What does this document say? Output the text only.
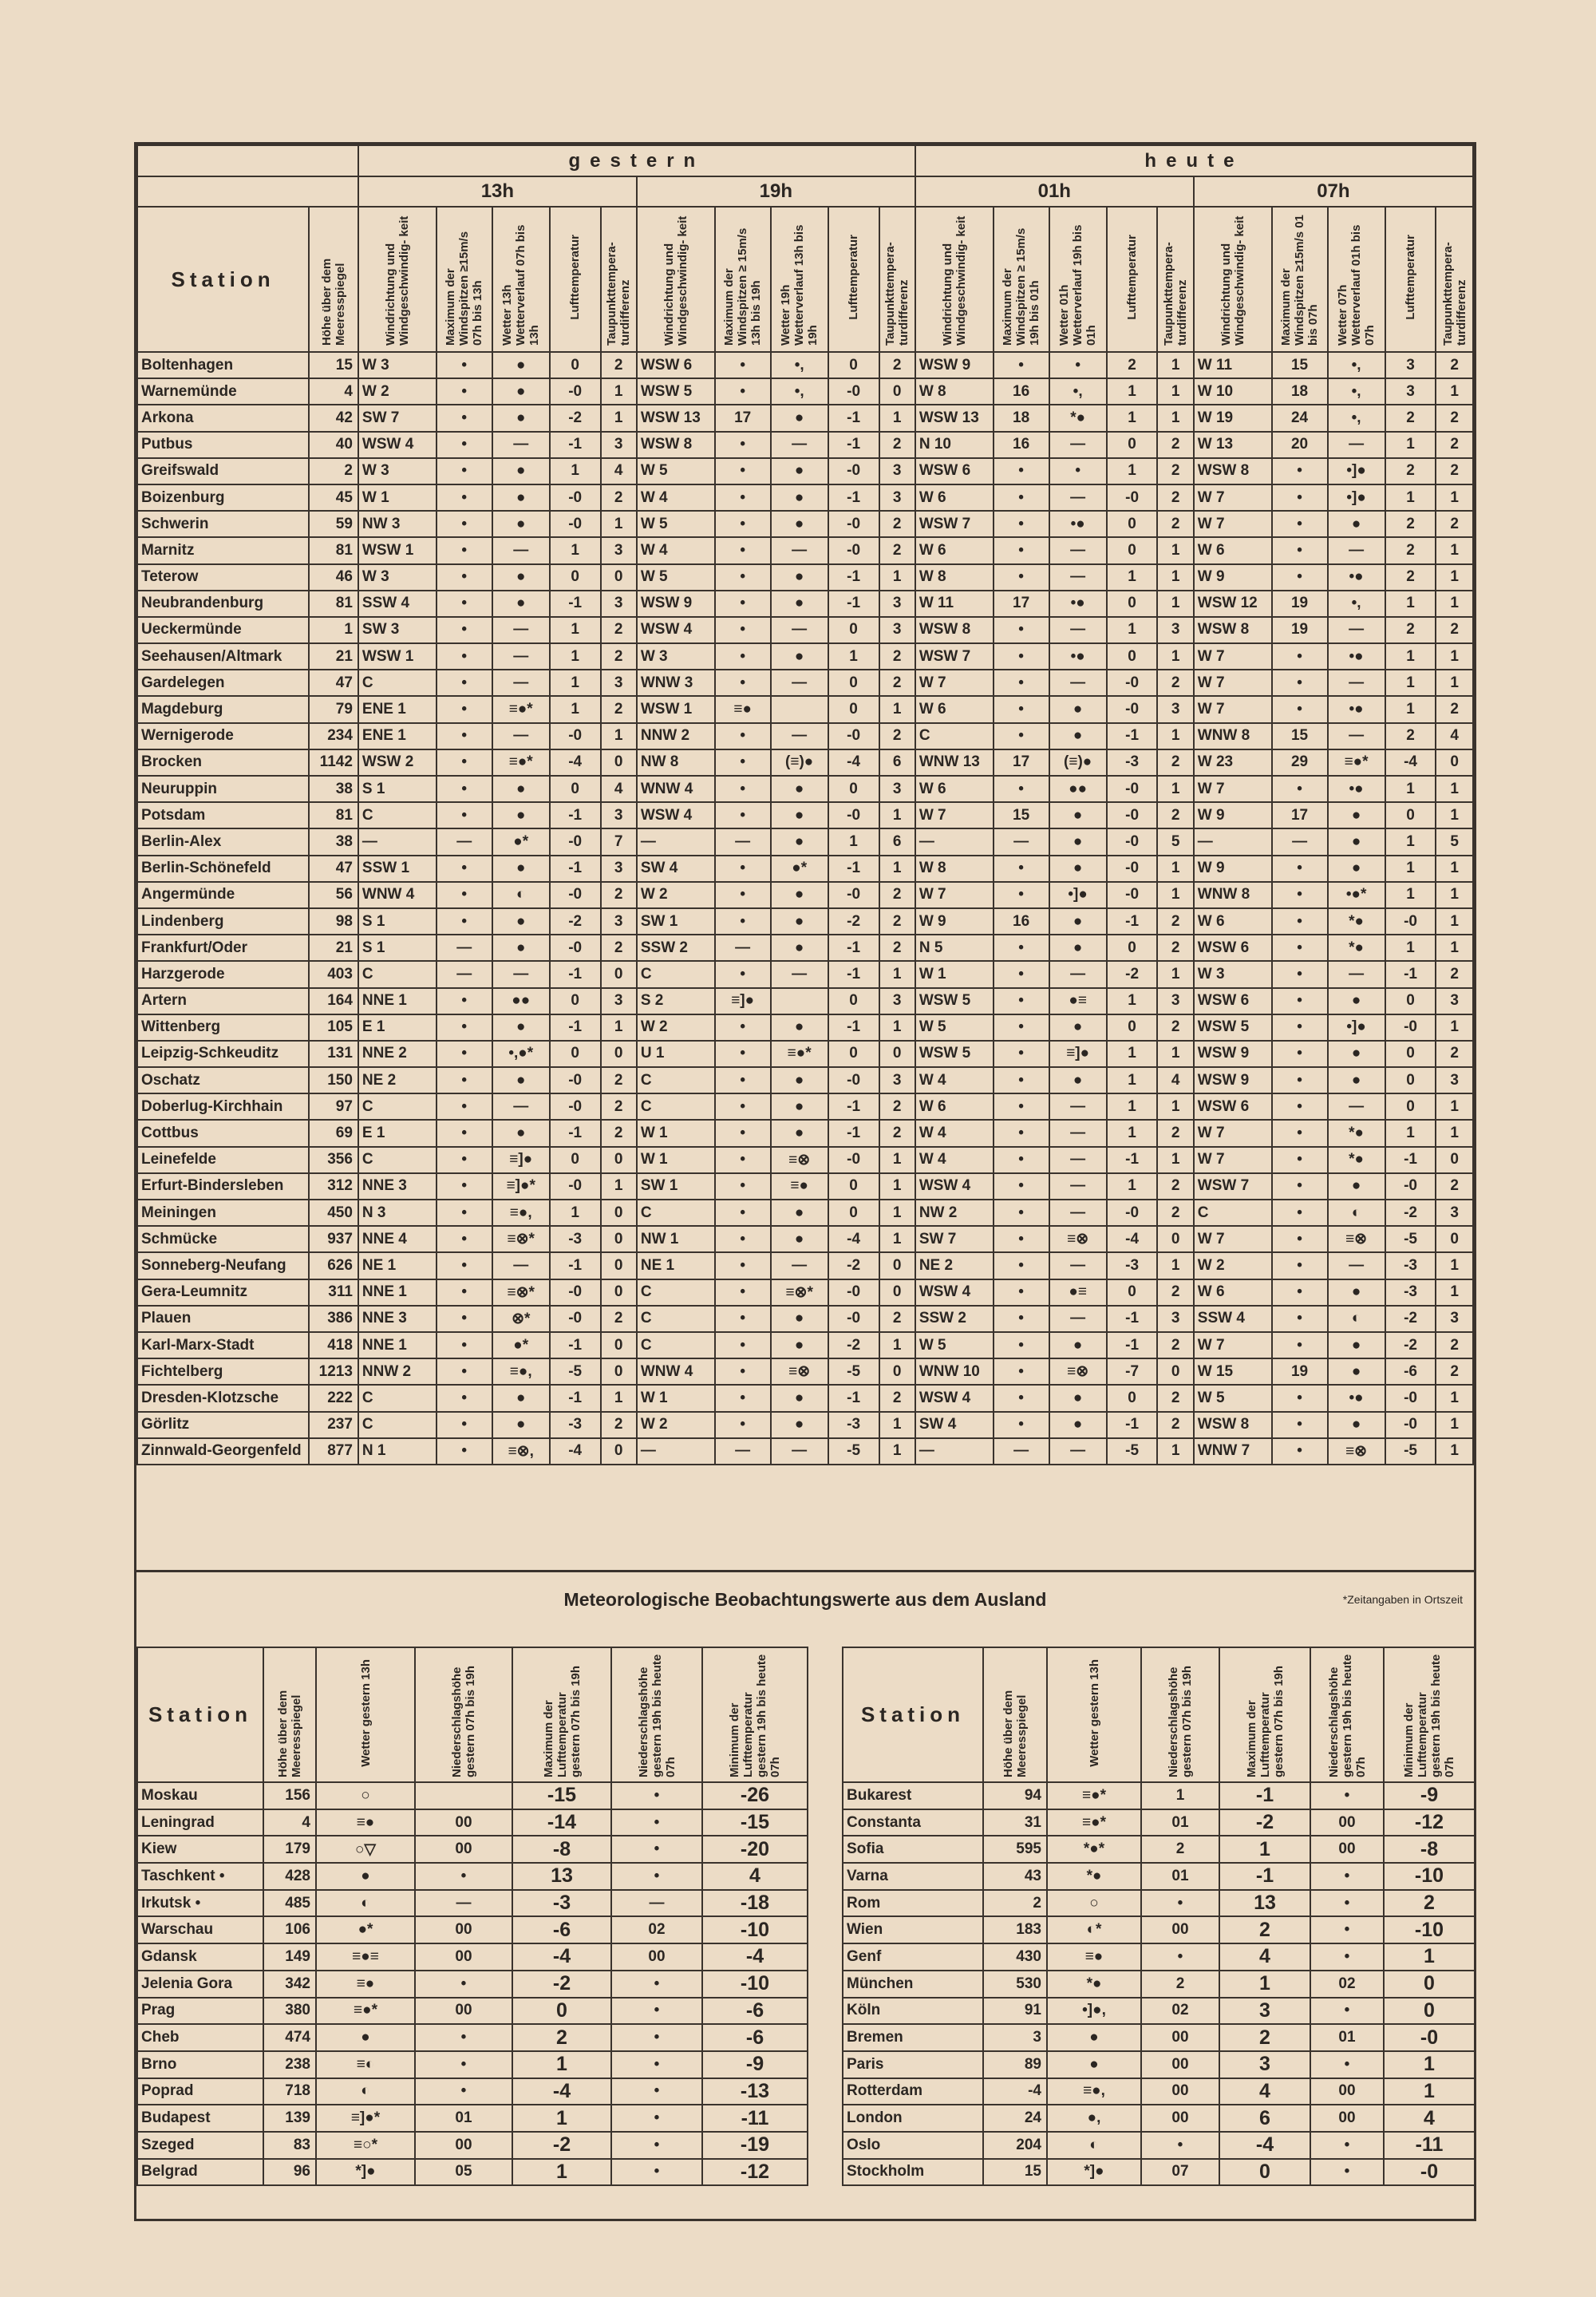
		gestern										heute									
		13h					19h					01h					07h				
Station	Höhe über dem Meeresspiegel	Windrichtung und Windgeschwindig- keit	Maximum der Windspitzen ≥15m/s 07h bis 13h	Wetter 13h Wetterverlauf 07h bis 13h	Lufttemperatur	Taupunkttempera- turdifferenz	Windrichtung und Windgeschwindig- keit	Maximum der Windspitzen ≥ 15m/s 13h bis 19h	Wetter 19h Wetterverlauf 13h bis 19h	Lufttemperatur	Taupunkttempera- turdifferenz	Windrichtung und Windgeschwindig- keit	Maximum der Windspitzen ≥ 15m/s 19h bis 01h	Wetter 01h Wetterverlauf 19h bis 01h	Lufttemperatur	Taupunkttempera- turdifferenz	Windrichtung und Windgeschwindig- keit	Maximum der Windspitzen ≥15m/s 01 bis 07h	Wetter 07h Wetterverlauf 01h bis 07h	Lufttemperatur	Taupunkttempera- turdifferenz
Boltenhagen	15	W 3	•	●	0	2	WSW 6	•	•,	0	2	WSW 9	•	•	2	1	W 11	15	•,	3	2
Warnemünde	4	W 2	•	●	-0	1	WSW 5	•	•,	-0	0	W 8	16	•,	1	1	W 10	18	•,	3	1
Arkona	42	SW 7	•	●	-2	1	WSW 13	17	●	-1	1	WSW 13	18	*●	1	1	W 19	24	•,	2	2
Putbus	40	WSW 4	•	—	-1	3	WSW 8	•	—	-1	2	N 10	16	—	0	2	W 13	20	—	1	2
Greifswald	2	W 3	•	●	1	4	W 5	•	●	-0	3	WSW 6	•	•	1	2	WSW 8	•	•]●	2	2
Boizenburg	45	W 1	•	●	-0	2	W 4	•	●	-1	3	W 6	•	—	-0	2	W 7	•	•]●	1	1
Schwerin	59	NW 3	•	●	-0	1	W 5	•	●	-0	2	WSW 7	•	•●	0	2	W 7	•	●	2	2
Marnitz	81	WSW 1	•	—	1	3	W 4	•	—	-0	2	W 6	•	—	0	1	W 6	•	—	2	1
Teterow	46	W 3	•	●	0	0	W 5	•	●	-1	1	W 8	•	—	1	1	W 9	•	•●	2	1
Neubrandenburg	81	SSW 4	•	●	-1	3	WSW 9	•	●	-1	3	W 11	17	•●	0	1	WSW 12	19	•,	1	1
Ueckermünde	1	SW 3	•	—	1	2	WSW 4	•	—	0	3	WSW 8	•	—	1	3	WSW 8	19	—	2	2
Seehausen/Altmark	21	WSW 1	•	—	1	2	W 3	•	●	1	2	WSW 7	•	•●	0	1	W 7	•	•●	1	1
Gardelegen	47	C	•	—	1	3	WNW 3	•	—	0	2	W 7	•	—	-0	2	W 7	•	—	1	1
Magdeburg	79	ENE 1	•	≡●*	1	2	WSW 1	≡●		0	1	W 6	•	●	-0	3	W 7	•	•●	1	2
Wernigerode	234	ENE 1	•	—	-0	1	NNW 2	•	—	-0	2	C	•	●	-1	1	WNW 8	15	—	2	4
Brocken	1142	WSW 2	•	≡●*	-4	0	NW 8	•	(≡)●	-4	6	WNW 13	17	(≡)●	-3	2	W 23	29	≡●*	-4	0
Neuruppin	38	S 1	•	●	0	4	WNW 4	•	●	0	3	W 6	•	●●	-0	1	W 7	•	•●	1	1
Potsdam	81	C	•	●	-1	3	WSW 4	•	●	-0	1	W 7	15	●	-0	2	W 9	17	●	0	1
Berlin-Alex	38	—	—	●*	-0	7	—	—	●	1	6	—	—	●	-0	5	—	—	●	1	5
Berlin-Schönefeld	47	SSW 1	•	●	-1	3	SW 4	•	●*	-1	1	W 8	•	●	-0	1	W 9	•	●	1	1
Angermünde	56	WNW 4	•	◐	-0	2	W 2	•	●	-0	2	W 7	•	•]●	-0	1	WNW 8	•	•●*	1	1
Lindenberg	98	S 1	•	●	-2	3	SW 1	•	●	-2	2	W 9	16	●	-1	2	W 6	•	*●	-0	1
Frankfurt/Oder	21	S 1	—	●	-0	2	SSW 2	—	●	-1	2	N 5	•	●	0	2	WSW 6	•	*●	1	1
Harzgerode	403	C	—	—	-1	0	C	•	—	-1	1	W 1	•	—	-2	1	W 3	•	—	-1	2
Artern	164	NNE 1	•	●●	0	3	S 2	≡]●		0	3	WSW 5	•	●≡	1	3	WSW 6	•	●	0	3
Wittenberg	105	E 1	•	●	-1	1	W 2	•	●	-1	1	W 5	•	●	0	2	WSW 5	•	•]●	-0	1
Leipzig-Schkeuditz	131	NNE 2	•	•,●*	0	0	U 1	•	≡●*	0	0	WSW 5	•	≡]●	1	1	WSW 9	•	●	0	2
Oschatz	150	NE 2	•	●	-0	2	C	•	●	-0	3	W 4	•	●	1	4	WSW 9	•	●	0	3
Doberlug-Kirchhain	97	C	•	—	-0	2	C	•	●	-1	2	W 6	•	—	1	1	WSW 6	•	—	0	1
Cottbus	69	E 1	•	●	-1	2	W 1	•	●	-1	2	W 4	•	—	1	2	W 7	•	*●	1	1
Leinefelde	356	C	•	≡]●	0	0	W 1	•	≡⊗	-0	1	W 4	•	—	-1	1	W 7	•	*●	-1	0
Erfurt-Bindersleben	312	NNE 3	•	≡]●*	-0	1	SW 1	•	≡●	0	1	WSW 4	•	—	1	2	WSW 7	•	●	-0	2
Meiningen	450	N 3	•	≡●,	1	0	C	•	●	0	1	NW 2	•	—	-0	2	C	•	◐	-2	3
Schmücke	937	NNE 4	•	≡⊗*	-3	0	NW 1	•	●	-4	1	SW 7	•	≡⊗	-4	0	W 7	•	≡⊗	-5	0
Sonneberg-Neufang	626	NE 1	•	—	-1	0	NE 1	•	—	-2	0	NE 2	•	—	-3	1	W 2	•	—	-3	1
Gera-Leumnitz	311	NNE 1	•	≡⊗*	-0	0	C	•	≡⊗*	-0	0	WSW 4	•	●≡	0	2	W 6	•	●	-3	1
Plauen	386	NNE 3	•	⊗*	-0	2	C	•	●	-0	2	SSW 2	•	—	-1	3	SSW 4	•	◐	-2	3
Karl-Marx-Stadt	418	NNE 1	•	●*	-1	0	C	•	●	-2	1	W 5	•	●	-1	2	W 7	•	●	-2	2
Fichtelberg	1213	NNW 2	•	≡●,	-5	0	WNW 4	•	≡⊗	-5	0	WNW 10	•	≡⊗	-7	0	W 15	19	●	-6	2
Dresden-Klotzsche	222	C	•	●	-1	1	W 1	•	●	-1	2	WSW 4	•	●	0	2	W 5	•	•●	-0	1
Görlitz	237	C	•	●	-3	2	W 2	•	●	-3	1	SW 4	•	●	-1	2	WSW 8	•	●	-0	1
Zinnwald-Georgenfeld	877	N 1	•	≡⊗,	-4	0	—	—	—	-5	1	—	—	—	-5	1	WNW 7	•	≡⊗	-5	1
Meteorologische Beobachtungswerte aus dem Ausland	*Zeitangaben in Ortszeit
Station	Höhe über dem Meeresspiegel	Wetter gestern 13h	Niederschlagshöhe gestern 07h bis 19h	Maximum der Lufttemperatur gestern 07h bis 19h	Niederschlagshöhe gestern 19h bis heute 07h	Minimum der Lufttemperatur gestern 19h bis heute 07h
Moskau	156	○		-15	•	-26
Leningrad	4	≡●	00	-14	•	-15
Kiew	179	○▽	00	-8	•	-20
Taschkent •	428	●	•	13	•	4
Irkutsk •	485	◐	—	-3	—	-18
Warschau	106	●*	00	-6	02	-10
Gdansk	149	≡●≡	00	-4	00	-4
Jelenia Gora	342	≡●	•	-2	•	-10
Prag	380	≡●*	00	0	•	-6
Cheb	474	●	•	2	•	-6
Brno	238	≡◐	•	1	•	-9
Poprad	718	◐	•	-4	•	-13
Budapest	139	≡]●*	01	1	•	-11
Szeged	83	≡○*	00	-2	•	-19
Belgrad	96	*]●	05	1	•	-12
Station	Höhe über dem Meeresspiegel	Wetter gestern 13h	Niederschlagshöhe gestern 07h bis 19h	Maximum der Lufttemperatur gestern 07h bis 19h	Niederschlagshöhe gestern 19h bis heute 07h	Minimum der Lufttemperatur gestern 19h bis heute 07h
Bukarest	94	≡●*	1	-1	•	-9
Constanta	31	≡●*	01	-2	00	-12
Sofia	595	*●*	2	1	00	-8
Varna	43	*●	01	-1	•	-10
Rom	2	○	•	13	•	2
Wien	183	◐*	00	2	•	-10
Genf	430	≡●	•	4	•	1
München	530	*●	2	1	02	0
Köln	91	•]●,	02	3	•	0
Bremen	3	●	00	2	01	-0
Paris	89	●	00	3	•	1
Rotterdam	-4	≡●,	00	4	00	1
London	24	●,	00	6	00	4
Oslo	204	◐	•	-4	•	-11
Stockholm	15	*]●	07	0	•	-0
